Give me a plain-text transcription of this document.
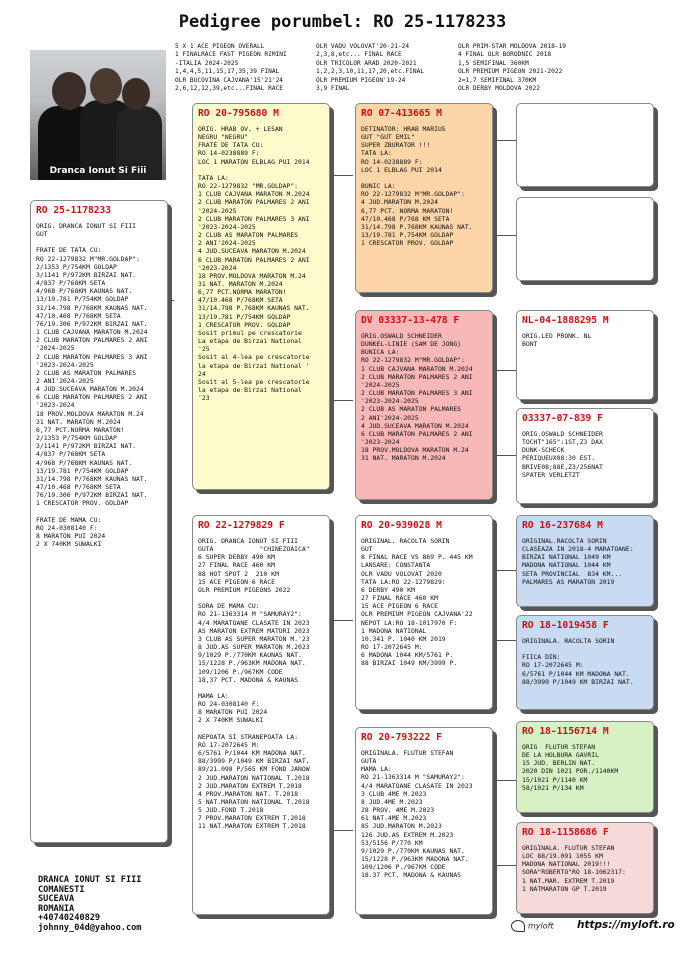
Pedigree porumbel: RO 25-1178233
Dranca Ionut Si Fiii
5 X 1 ACE PIGEON OVERALL
1 FINALRACE FAST PIGEON RIMINI
-ITALIA 2024-2025
1,4,4,5,11,15,17,35,39 FINAL
OLR BUCOVINA CAJVANA'15'21'24
2,6,12,12,39,etc...FINAL RACE
OLR VADU VOLOVAT'20-21-24
2,3,8,etc... FINAL RACE
OLR TRICOLOR ARAD 2020-2021
1,2,2,3,10,11,17,20,etc.FINAL
OLR PREMIUM PIGEON'19-24
3,9 FINAL
OLR PRIM-STAR MOLDOVA 2018-19
4 FINAL OLR BORODNIC 2018
1,5 SEMIFINAL 360KM
OLR PREMIUM PIGEON 2021-2022
2=1,7 SEMIFINAL 370KM
OLR DERBY MOLDOVA 2022
RO 25-1178233
ORIG. DRANCA IONUT SI FIII
GUT

FRATE DE TATA CU:
RO 22-1279832 M"MR.GOLDAP":
2/1353 P/754KM GOLDAP
3/1141 P/972KM BIRZAI NAT.
4/837 P/768KM SETA
4/968 P/768KM KAUNAS NAT.
13/19.781 P/754KM GOLDAP
31/14.798 P/768KM KAUNAS NAT.
47/10.468 P/768KM SETA
76/19.306 P/972KM BIRZAI NAT.
1 CLUB CAJVANA MARATON M.2024
2 CLUB MARATON PALMARES 2 ANI
'2024-2025
2 CLUB MARATON PALMARES 3 ANI
'2023-2024-2025
2 CLUB AS MARATON PALMARES
2 ANI'2024-2025
4 JUD.SUCEAVA MARATON M.2024
6 CLUB MARATON PALMARES 2 ANI
'2023-2024
18 PROV.MOLDOVA MARATON M.24
31 NAT. MARATON M.2024
6,77 PCT.NORMA MARATON!
2/1353 P/754KM GOLDAP
3/1141 P/972KM BIRZAI NAT.
4/837 P/768KM SETA
4/968 P/768KM KAUNAS NAT.
13/19.781 P/754KM GOLDAP
31/14.798 P/768KM KAUNAS NAT.
47/10.468 P/768KM SETA
76/19.306 P/972KM BIRZAI NAT.
1 CRESCATOR PROV. GOLDAP

FRATE DE MAMA CU:
RO 24-0308140 F:
8 MARATON PUI 2024
2 X 740KM SUWALKI
RO 20-795680 M
ORIG. HRAB OV. + LESAN
NEGRU "NEGRU"
FRATE DE TATA CU:
RO 14-0238889 F:
LOC 1 MARATON ELBLAG PUI 2014

TATA LA:
RO 22-1279832 "MR.GOLDAP":
1 CLUB CAJVANA MARATON M.2024
2 CLUB MARATON PALMARES 2 ANI
'2024-2025
2 CLUB MARATON PALMARES 3 ANI
'2023-2024-2025
2 CLUB AS MARATON PALMARES
2 ANI'2024-2025
4 JUD.SUCEAVA MARATON M.2024
6 CLUB MARATON PALMARES 2 ANI
'2023-2024
18 PROV.MOLDOVA MARATON M.24
31 NAT. MARATON M.2024
6,77 PCT.NORMA MARATON!
47/10.468 P/768KM SETA
31/14.798 P.768KM KAUNAS NAT.
13/19.781 P/754KM GOLDAP
1 CRESCATOR PROV. GOLDAP
Sosit primul pe crescatorie
La etapa de Birzai National
'25
Sosit al 4-lea pe crescatorie
la etapa de Birzai National '
24
Sosit al 5-lea pe crescatorie
la etapa de Birzai National
'23
RO 22-1279829 F
ORIG. DRANCA IONUT SI FIII
GUTA            "CHINEZOAICA"
6 SUPER DERBY 490 KM
27 FINAL RACE 460 KM
88 HOT SPOT 2  210 KM
15 ACE PIGEON 6 RACE
OLR PREMIUM PIGEONS 2022

SORA DE MAMA CU:
RO 21-1363314 M "SAMURAY2":
4/4 MARATOANE CLASATE IN 2023
AS MARATON EXTREM MATURI 2023
3 CLUB AS SUPER MARATON M.'23
8 JUD.AS SUPER MARATON M.2023
9/1029 P./770KM KAUNAS NAT.
15/1228 P./963KM MADONA NAT.
109/1206 P./967KM CODE
18,37 PCT. MADONA & KAUNAS

MAMA LA:
RO 24-0308140 F:
8 MARATON PUI 2024
2 X 740KM SUWALKI

NEPOATA SI STRANEPOATA LA:
RO 17-2072645 M:
6/5761 P/1044 KM MADONA NAT.
88/3999 P/1049 KM BIRZAI NAT.
89/21.098 P/565 KM FOND JANOW
2 JUD.MARATON NATIONAL T.2018
2 JUD.MARATON EXTREM T.2018
4 PROV.MARATON NAT. T.2018
5 NAT.MARATON NATIONAL T.2018
5 JUD.FOND T.2018
7 PROV.MARATON EXTREM T.2018
11 NAT.MARATON EXTREM T.2018
RO 07-413665 M
DETINATOR: HRAB MARIUS
GUT "GUT EMIL"
SUPER ZBURATOR !!!
TATA LA:
RO 14-0238889 F:
LOC 1 ELBLAG PUI 2014

BUNIC LA:
RO 22-1279832 M"MR.GOLDAP":
4 JUD.MARATON M.2024
6,77 PCT. NORMA MARATON!
47/10.468 P/768 KM SETA
31/14.798 P.768KM KAUNAS NAT.
13/19.781 P.754KM GOLDAP
1 CRESCATOR PROV. GOLDAP
DV 03337-13-478 F
ORIG.OSWALD SCHNEIDER
DUNKEL-LINIE (SAM DE JONG)
BUNICA LA:
RO 22-1279832 M"MR.GOLDAP":
1 CLUB CAJVANA MARATON M.2024
2 CLUB MARATON PALMARES 2 ANI
'2024-2025
2 CLUB MARATON PALMARES 3 ANI
'2023-2024-2025
2 CLUB AS MARATON PALMARES
2 ANI'2024-2025
4 JUD.SUCEAVA MARATON M.2024
6 CLUB MARATON PALMARES 2 ANI
'2023-2024
18 PROV.MOLDOVA MARATON M.24
31 NAT. MARATON M.2024
RO 20-939028 M
ORIGINAL. RACOLTA SORIN
GUT
8 FINAL RACE VS 869 P. 445 KM
LANSARE: CONSTANTA
OLR VADU VOLOVAT 2020
TATA LA:RO 22-1279829:
6 DERBY 490 KM
27 FINAL RACE 460 KM
15 ACE PIGEON 6 RACE
OLR PREMIUM PIGEON CAJVANA'22
NEPOT LA:RO 18-1017970 F:
1 MADONA NATIONAL
10.341 P. 1040 KM 2019
RO 17-2072645 M:
6 MADONA 1044 KM/5761 P.
88 BIRZAI 1049 KM/3999 P.
RO 20-793222 F
ORIGINALA. FLUTUR STEFAN
GUTA
MAMA LA:
RO 21-1363314 M "SAMURAY2":
4/4 MARATOANE CLASATE IN 2023
3 CLUB 4ME M.2023
8 JUD.4ME M.2023
28 PROV. 4ME M.2023
61 NAT.4ME M.2023
85 JUD.MARATON M.2023
126 JUD.AS EXTREM M.2023
53/5156 P/770 KM
9/1029 P./770KM KAUNAS NAT.
15/1228 P./963KM MADONA NAT.
109/1206 P./967KM CODE
18.37 PCT. MADONA & KAUNAS
NL-04-1888295 M
ORIG.LEO PRONK. NL
BONT
03337-07-839 F
ORIG.OSWALD SCHNEIDER
TOCHT"165":1ST,Z3 DAX
DUNK-SCHECK
PERIQUEUX08:30 EST.
BRIVE08;88E,Z3/256NAT
SPATER VERLETZT
RO 16-237684 M
ORIGINAL.RACOLTA SORIN
CLASEAZA IN 2018-4 MARATOANE:
BIRZAI NATIONAL 1049 KM
MADONA NATIONAL 1044 KM
SETA PROVINCIAL  834 KM...
PALMARES AS MARATON 2019
RO 18-1019458 F
ORIGINALA. RACOLTA SORIN

FIICA DIN:
RO 17-2072645 M:
6/5761 P/1044 KM MADONA NAT.
88/3999 P/1049 KM BIRZAI NAT.
RO 18-1156714 M
ORIG  FLUTUR STEFAN
DE LA HOLBURA GAVRIL
15 JUD. BERLIN NAT.
2020 DIN 1021 POR./1140KM
15/1021 P/1140 KM
58/1021 P/134 KM
RO 18-1158686 F
ORIGINALA. FLUTUR STEFAN
LOC 88/19.091 1055 KM
MADONA NATIONAL 2019!!!
SORA"ROBERTO"RO 18-1062317:
1 NAT.MAR. EXTREM T.2019
1 NATMARATON GP T.2019
DRANCA IONUT SI FIII
COMANESTI
SUCEAVA
ROMANIA
+40740240829
johnny_04d@yahoo.com	myloft https://myloft.ro
